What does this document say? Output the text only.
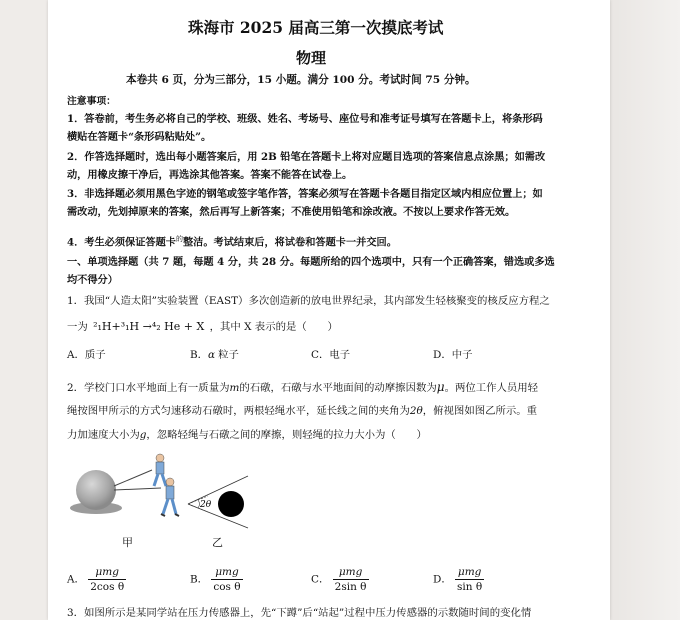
珠海市 2025 届高三第一次摸底考试
物理
本卷共 6 页，分为三部分，15 小题。满分 100 分。考试时间 75 分钟。
注意事项：
1．答卷前，考生务必将自己的学校、班级、姓名、考场号、座位号和准考证号填写在答题卡上，将条形码
横贴在答题卡“条形码粘贴处”。
2．作答选择题时，选出每小题答案后，用 2B 铅笔在答题卡上将对应题目选项的答案信息点涂黑；如需改
动，用橡皮擦干净后，再选涂其他答案。答案不能答在试卷上。
3．非选择题必须用黑色字迹的钢笔或签字笔作答，答案必须写在答题卡各题目指定区域内相应位置上；如
需改动，先划掉原来的答案，然后再写上新答案；不准使用铅笔和涂改液。不按以上要求作答无效。
4．考生必须保证答题卡$^的$整洁。考试结束后，将试卷和答题卡一并交回。
一、单项选择题（共 7 题，每题 4 分，共 28 分。每题所给的四个选项中，只有一个正确答案，错选或多选
均不得分）
1．我国“人造太阳”实验装置（EAST）多次创造新的放电世界纪录，其内部发生轻核聚变的核反应方程之
一为 ²₁H+³₁H →⁴₂ He + X ，其中 X 表示的是（　　）
A．质子	B．α 粒子	C．电子	D．中子
2．学校门口水平地面上有一质量为m的石礅，石礅与水平地面间的动摩擦因数为μ。两位工作人员用轻
绳按图甲所示的方式匀速移动石礅时，两根轻绳水平，延长线之间的夹角为2θ，俯视图如图乙所示。重
力加速度大小为g，忽略轻绳与石礅之间的摩擦，则轻绳的拉力大小为（　　）
甲
2θ
乙
A． $\frac{\text{μmg}}{\text{2cos θ}}$	B． $\frac{\text{μmg}}{\text{cos θ}}$	C． $\frac{\text{μmg}}{\text{2sin θ}}$	D． $\frac{\text{μmg}}{\text{sin θ}}$
3．如图所示是某同学站在压力传感器上，先“下蹲”后“站起”过程中压力传感器的示数随时间的变化情
